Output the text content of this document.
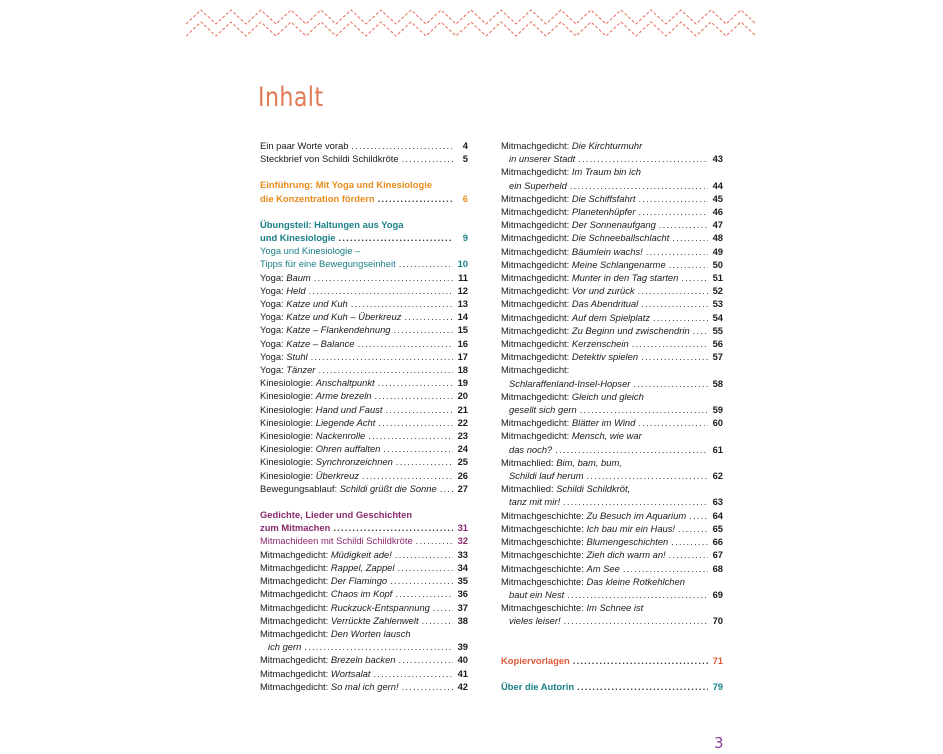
Inhalt
Ein paar Worte vorab .....	4
Steckbrief von Schildi Schildkröte .....	5
Einführung: Mit Yoga und Kinesiologie
die Konzentration fördern .....	6
Übungsteil: Haltungen aus Yoga
und Kinesiologie .....	9
Yoga und Kinesiologie –
Tipps für eine Bewegungseinheit .....	10
Yoga: Baum .....	11
Yoga: Held .....	12
Yoga: Katze und Kuh .....	13
Yoga: Katze und Kuh – Überkreuz .....	14
Yoga: Katze – Flankendehnung .....	15
Yoga: Katze – Balance .....	16
Yoga: Stuhl .....	17
Yoga: Tänzer .....	18
Kinesiologie: Anschaltpunkt .....	19
Kinesiologie: Arme brezeln .....	20
Kinesiologie: Hand und Faust .....	21
Kinesiologie: Liegende Acht .....	22
Kinesiologie: Nackenrolle .....	23
Kinesiologie: Ohren auffalten .....	24
Kinesiologie: Synchronzeichnen .....	25
Kinesiologie: Überkreuz .....	26
Bewegungsablauf: Schildi grüßt die Sonne ..... 27
Gedichte, Lieder und Geschichten
zum Mitmachen .....	31
Mitmachideen mit Schildi Schildkröte .....	32
Mitmachgedicht: Müdigkeit ade! .....	33
Mitmachgedicht: Rappel, Zappel .....	34
Mitmachgedicht: Der Flamingo .....	35
Mitmachgedicht: Chaos im Kopf .....	36
Mitmachgedicht: Ruckzuck-Entspannung .....	37
Mitmachgedicht: Verrückte Zahlenwelt .....	38
Mitmachgedicht: Den Worten lausch
ich gern .....	39
Mitmachgedicht: Brezeln backen .....	40
Mitmachgedicht: Wortsalat .....	41
Mitmachgedicht: So mal ich gern! .....	42
Mitmachgedicht: Die Kirchturmuhr
in unserer Stadt .....	43
Mitmachgedicht: Im Traum bin ich
ein Superheld .....	44
Mitmachgedicht: Die Schiffsfahrt .....	45
Mitmachgedicht: Planetenhüpfer .....	46
Mitmachgedicht: Der Sonnenaufgang .....	47
Mitmachgedicht: Die Schneeballschlacht .....	48
Mitmachgedicht: Bäumlein wachs! .....	49
Mitmachgedicht: Meine Schlangenarme .....	50
Mitmachgedicht: Munter in den Tag starten .....	51
Mitmachgedicht: Vor und zurück .....	52
Mitmachgedicht: Das Abendritual .....	53
Mitmachgedicht: Auf dem Spielplatz .....	54
Mitmachgedicht: Zu Beginn und zwischendrin ..... 55
Mitmachgedicht: Kerzenschein .....	56
Mitmachgedicht: Detektiv spielen .....	57
Mitmachgedicht:
Schlaraffenland-Insel-Hopser .....	58
Mitmachgedicht: Gleich und gleich
gesellt sich gern .....	59
Mitmachgedicht: Blätter im Wind .....	60
Mitmachgedicht: Mensch, wie war
das noch? .....	61
Mitmachlied: Bim, bam, bum,
Schildi lauf herum .....	62
Mitmachlied: Schildi Schildkröt,
tanz mit mir! .....	63
Mitmachgeschichte: Zu Besuch im Aquarium .....	64
Mitmachgeschichte: Ich bau mir ein Haus! .....	65
Mitmachgeschichte: Blumengeschichten .....	66
Mitmachgeschichte: Zieh dich warm an! .....	67
Mitmachgeschichte: Am See .....	68
Mitmachgeschichte: Das kleine Rotkehlchen
baut ein Nest .....	69
Mitmachgeschichte: Im Schnee ist
vieles leiser! .....	70
Kopiervorlagen .....	71
Über die Autorin .....	79
3
